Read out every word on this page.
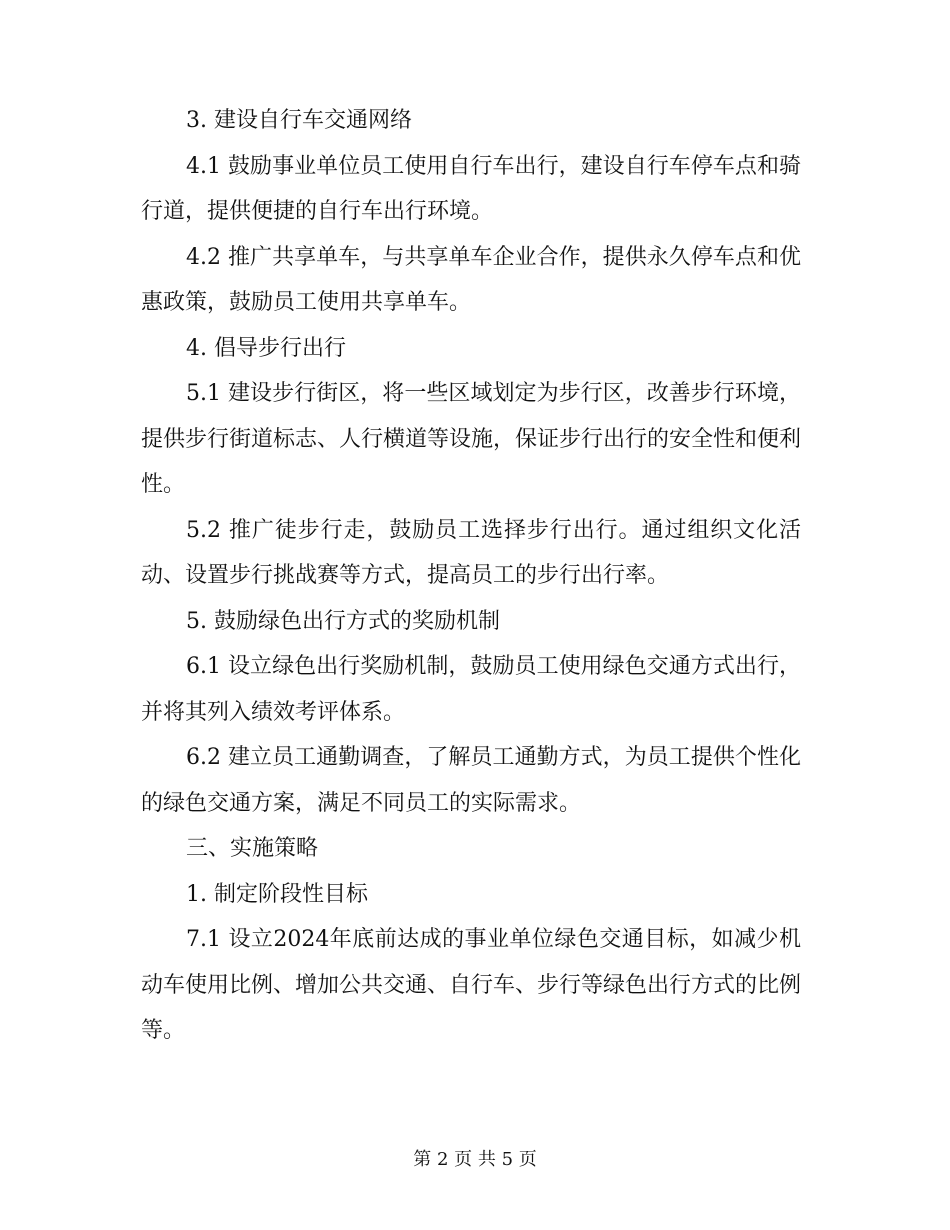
3. 建设自行车交通网络

4.1 鼓励事业单位员工使用自行车出行，建设自行车停车点和骑行道，提供便捷的自行车出行环境。

4.2 推广共享单车，与共享单车企业合作，提供永久停车点和优惠政策，鼓励员工使用共享单车。

4. 倡导步行出行

5.1 建设步行街区，将一些区域划定为步行区，改善步行环境，提供步行街道标志、人行横道等设施，保证步行出行的安全性和便利性。

5.2 推广徒步行走，鼓励员工选择步行出行。通过组织文化活动、设置步行挑战赛等方式，提高员工的步行出行率。

5. 鼓励绿色出行方式的奖励机制

6.1 设立绿色出行奖励机制，鼓励员工使用绿色交通方式出行，并将其列入绩效考评体系。

6.2 建立员工通勤调查，了解员工通勤方式，为员工提供个性化的绿色交通方案，满足不同员工的实际需求。

三、实施策略

1. 制定阶段性目标

7.1 设立2024年底前达成的事业单位绿色交通目标，如减少机动车使用比例、增加公共交通、自行车、步行等绿色出行方式的比例等。

第 2 页 共 5 页
